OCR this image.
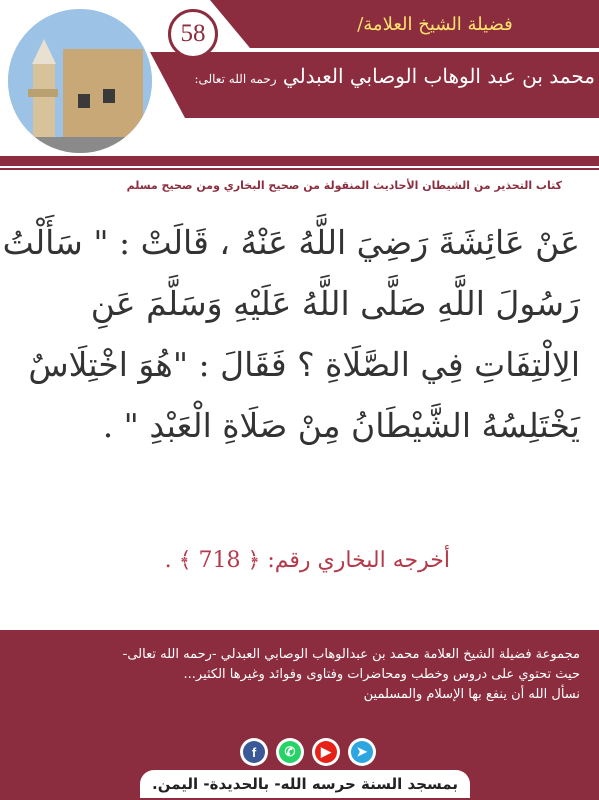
58	فضيلة الشيخ العلامة/
محمد بن عبد الوهاب الوصابي العبدلي رحمه الله تعالى:
كتاب التحذير من الشيطان الأحاديث المنقولة من صحيح البخاري ومن صحيح مسلم
عَنْ عَائِشَةَ رَضِيَ اللَّهُ عَنْهُ ، قَالَتْ : " سَأَلْتُ
رَسُولَ اللَّهِ صَلَّى اللَّهُ عَلَيْهِ وَسَلَّمَ عَنِ
الِالْتِفَاتِ فِي الصَّلَاةِ ؟ فَقَالَ : "هُوَ اخْتِلَاسٌ
يَخْتَلِسُهُ الشَّيْطَانُ مِنْ صَلَاةِ الْعَبْدِ " .
أخرجه البخاري رقم: ﴿ 718 ﴾ .
مجموعة فضيلة الشيخ العلامة محمد بن عبدالوهاب الوصابي العبدلي -رحمه الله تعالى-
حيث تحتوي على دروس وخطب ومحاضرات وفتاوى وفوائد وغيرها الكثير...
نسأل الله أن ينفع بها الإسلام والمسلمين
f	✆	▶	➤
بمسجد السنة حرسه الله- بالحديدة- اليمن.
